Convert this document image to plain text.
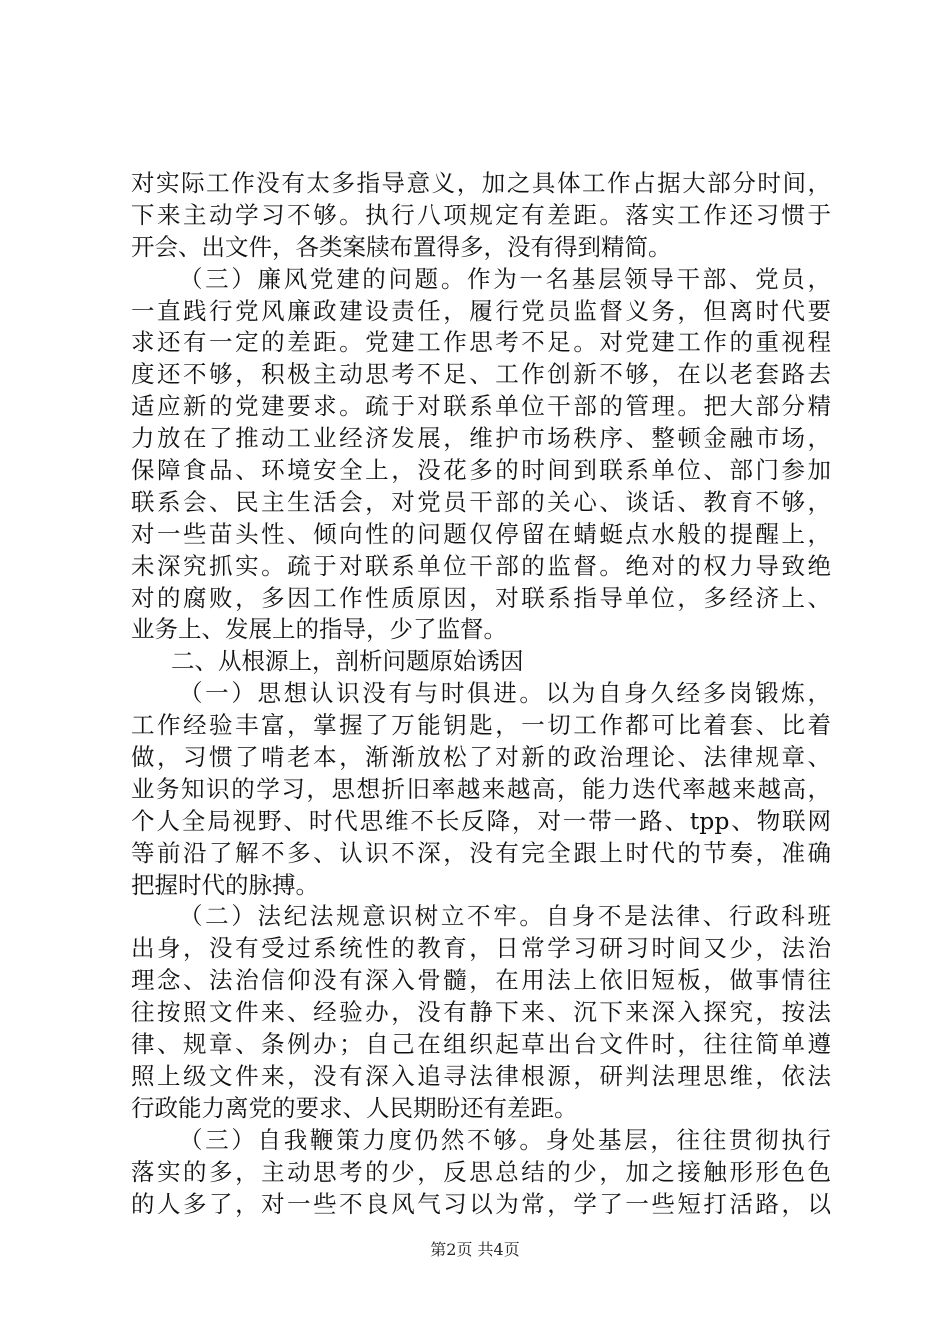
对实际工作没有太多指导意义，加之具体工作占据大部分时间，
下来主动学习不够。执行八项规定有差距。落实工作还习惯于
开会、出文件，各类案牍布置得多，没有得到精简。
（三）廉风党建的问题。作为一名基层领导干部、党员，
一直践行党风廉政建设责任，履行党员监督义务，但离时代要
求还有一定的差距。党建工作思考不足。对党建工作的重视程
度还不够，积极主动思考不足、工作创新不够，在以老套路去
适应新的党建要求。疏于对联系单位干部的管理。把大部分精
力放在了推动工业经济发展，维护市场秩序、整顿金融市场，
保障食品、环境安全上，没花多的时间到联系单位、部门参加
联系会、民主生活会，对党员干部的关心、谈话、教育不够，
对一些苗头性、倾向性的问题仅停留在蜻蜓点水般的提醒上，
未深究抓实。疏于对联系单位干部的监督。绝对的权力导致绝
对的腐败，多因工作性质原因，对联系指导单位，多经济上、
业务上、发展上的指导，少了监督。
二、从根源上，剖析问题原始诱因
（一）思想认识没有与时俱进。以为自身久经多岗锻炼，
工作经验丰富，掌握了万能钥匙，一切工作都可比着套、比着
做，习惯了啃老本，渐渐放松了对新的政治理论、法律规章、
业务知识的学习，思想折旧率越来越高，能力迭代率越来越高，
个人全局视野、时代思维不长反降，对一带一路、tpp、物联网
等前沿了解不多、认识不深，没有完全跟上时代的节奏，准确
把握时代的脉搏。
（二）法纪法规意识树立不牢。自身不是法律、行政科班
出身，没有受过系统性的教育，日常学习研习时间又少，法治
理念、法治信仰没有深入骨髓，在用法上依旧短板，做事情往
往按照文件来、经验办，没有静下来、沉下来深入探究，按法
律、规章、条例办；自己在组织起草出台文件时，往往简单遵
照上级文件来，没有深入追寻法律根源，研判法理思维，依法
行政能力离党的要求、人民期盼还有差距。
（三）自我鞭策力度仍然不够。身处基层，往往贯彻执行
落实的多，主动思考的少，反思总结的少，加之接触形形色色
的人多了，对一些不良风气习以为常，学了一些短打活路，以
第2页 共4页
